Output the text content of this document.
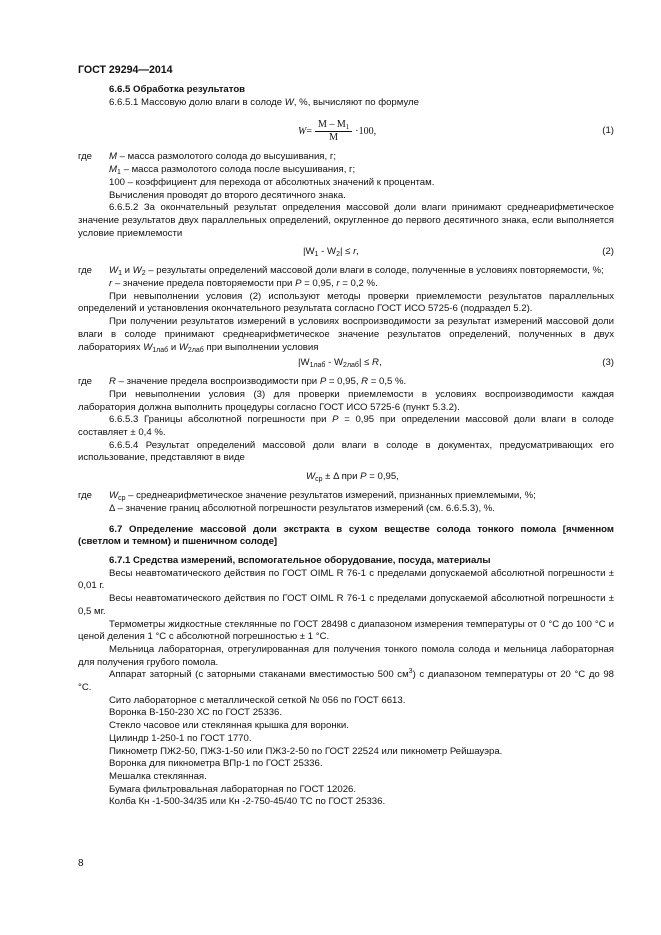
ГОСТ 29294—2014
6.6.5 Обработка результатов

6.6.5.1 Массовую долю влаги в солоде W, %, вычисляют по формуле

$W = \frac{M - M_1}{M} \cdot 100$,	(1)
где	M – масса размолотого солода до высушивания, г;
$M_1$ – масса размолотого солода после высушивания, г;
100 – коэффициент для перехода от абсолютных значений к процентам.
Вычисления проводят до второго десятичного знака.

6.6.5.2 За окончательный результат определения массовой доли влаги принимают среднеарифметическое значение результатов двух параллельных определений, округленное до первого десятичного знака, если выполняется условие приемлемости

$|W_1 - W_2| \le r$,	(2)
где	$W_1$ и $W_2$ – результаты определений массовой доли влаги в солоде, полученные в условиях повторяемости, %;
r – значение предела повторяемости при P = 0,95, r = 0,2 %.

При невыполнении условия (2) используют методы проверки приемлемости результатов параллельных определений и установления окончательного результата согласно ГОСТ ИСО 5725-6 (подраздел 5.2).

При получении результатов измерений в условиях воспроизводимости за результат измерений массовой доли влаги в солоде принимают среднеарифметическое значение результатов определений, полученных в двух лабораториях $W_{1лаб}$ и $W_{2лаб}$ при выполнении условия

$|W_{1лаб} - W_{2лаб}| \le R$,	(3)
где	R – значение предела воспроизводимости при P = 0,95, R = 0,5 %.

При невыполнении условия (3) для проверки приемлемости в условиях воспроизводимости каждая лаборатория должна выполнить процедуры согласно ГОСТ ИСО 5725-6 (пункт 5.3.2).

6.6.5.3 Границы абсолютной погрешности при P = 0,95 при определении массовой доли влаги в солоде составляет ± 0,4 %.

6.6.5.4 Результат определений массовой доли влаги в солоде в документах, предусматривающих его использование, представляют в виде

$W_{ср} \pm \Delta$ при P = 0,95,
где	$W_{ср}$ – среднеарифметическое значение результатов измерений, признанных приемлемыми, %;
Δ – значение границ абсолютной погрешности результатов измерений (см. 6.6.5.3), %.

6.7 Определение массовой доли экстракта в сухом веществе солода тонкого помола [ячменном (светлом и темном) и пшеничном солоде]

6.7.1 Средства измерений, вспомогательное оборудование, посуда, материалы

Весы неавтоматического действия по ГОСТ OIML R 76-1 с пределами допускаемой абсолютной погрешности ± 0,01 г.

Весы неавтоматического действия по ГОСТ OIML R 76-1 с пределами допускаемой абсолютной погрешности ± 0,5 мг.

Термометры жидкостные стеклянные по ГОСТ 28498 с диапазоном измерения температуры от 0 °С до 100 °С и ценой деления 1 °С с абсолютной погрешностью ± 1 °С.

Мельница лабораторная, отрегулированная для получения тонкого помола солода и мельница лабораторная для получения грубого помола.

Аппарат заторный (с заторными стаканами вместимостью 500 $см^3$) с диапазоном температуры от 20 °С до 98 °С.

Сито лабораторное с металлической сеткой № 056 по ГОСТ 6613.

Воронка В-150-230 ХС по ГОСТ 25336.

Стекло часовое или стеклянная крышка для воронки.

Цилиндр 1-250-1 по ГОСТ 1770.

Пикнометр ПЖ2-50, ПЖ3-1-50 или ПЖ3-2-50 по ГОСТ 22524 или пикнометр Рейшауэра.

Воронка для пикнометра ВПр-1 по ГОСТ 25336.

Мешалка стеклянная.

Бумага фильтровальная лабораторная по ГОСТ 12026.

Колба Кн -1-500-34/35 или Кн -2-750-45/40 ТС по ГОСТ 25336.

8
